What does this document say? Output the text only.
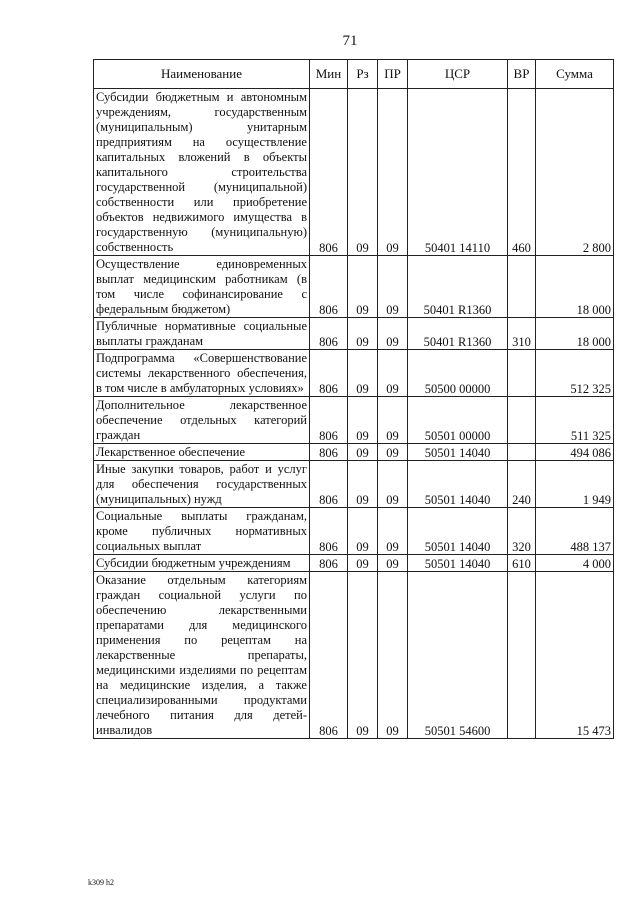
71
Наименование	Мин	Рз	ПР	ЦСР	ВР	Сумма
Субсидии бюджетным и автономным учреждениям, государственным (муниципальным) унитарным предприятиям на осуществление капитальных вложений в объекты капитального строительства государственной (муниципальной) собственности или приобретение объектов недвижимого имущества в государственную (муниципальную) собственность	806	09	09	50401 14110	460	2 800
Осуществление единовременных выплат медицинским работникам (в том числе софинансирование с федеральным бюджетом)	806	09	09	50401 R1360		18 000
Публичные нормативные социальные выплаты гражданам	806	09	09	50401 R1360	310	18 000
Подпрограмма «Совершенствование системы лекарственного обеспечения, в том числе в амбулаторных условиях»	806	09	09	50500 00000		512 325
Дополнительное лекарственное обеспечение отдельных категорий граждан	806	09	09	50501 00000		511 325
Лекарственное обеспечение	806	09	09	50501 14040		494 086
Иные закупки товаров, работ и услуг для обеспечения государственных (муниципальных) нужд	806	09	09	50501 14040	240	1 949
Социальные выплаты гражданам, кроме публичных нормативных социальных выплат	806	09	09	50501 14040	320	488 137
Субсидии бюджетным учреждениям	806	09	09	50501 14040	610	4 000
Оказание отдельным категориям граждан социальной услуги по обеспечению лекарственными препаратами для медицинского применения по рецептам на лекарственные препараты, медицинскими изделиями по рецептам на медицинские изделия, а также специализированными продуктами лечебного питания для детей-инвалидов	806	09	09	50501 54600		15 473
k309 h2
